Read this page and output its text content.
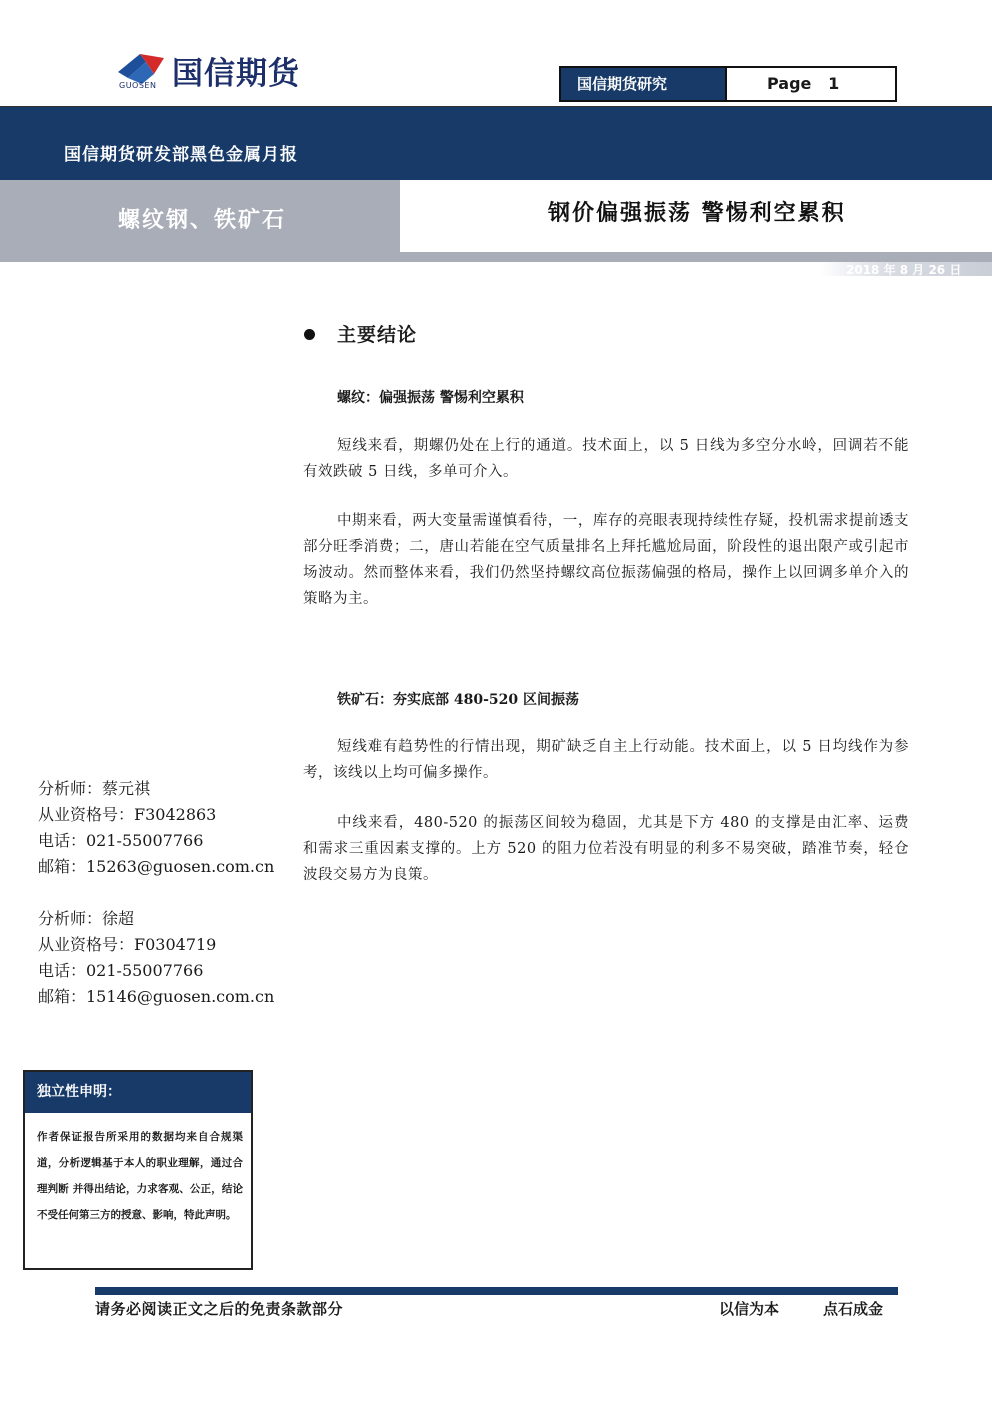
国信期货
GUOSEN	国信期货研究	Page   1
国信期货研发部黑色金属月报
螺纹钢、铁矿石	钢价偏强振荡 警惕利空累积
2018 年 8 月 26 日
主要结论
螺纹：偏强振荡 警惕利空累积
短线来看，期螺仍处在上行的通道。技术面上，以 5 日线为多空分水岭，回调若不能有效跌破 5 日线，多单可介入。
中期来看，两大变量需谨慎看待，一，库存的亮眼表现持续性存疑，投机需求提前透支部分旺季消费；二，唐山若能在空气质量排名上拜托尴尬局面，阶段性的退出限产或引起市场波动。然而整体来看，我们仍然坚持螺纹高位振荡偏强的格局，操作上以回调多单介入的策略为主。
铁矿石：夯实底部 480-520 区间振荡
短线难有趋势性的行情出现，期矿缺乏自主上行动能。技术面上，以 5 日均线作为参考，该线以上均可偏多操作。
中线来看，480-520 的振荡区间较为稳固，尤其是下方 480 的支撑是由汇率、运费和需求三重因素支撑的。上方 520 的阻力位若没有明显的利多不易突破，踏准节奏，轻仓波段交易方为良策。
分析师：蔡元祺
从业资格号：F3042863
电话：021-55007766
邮箱：15263@guosen.com.cn
分析师：徐超
从业资格号：F0304719
电话：021-55007766
邮箱：15146@guosen.com.cn
独立性申明：
作者保证报告所采用的数据均来自合规渠道，分析逻辑基于本人的职业理解，通过合理判断 并得出结论，力求客观、公正，结论不受任何第三方的授意、影响，特此声明。
请务必阅读正文之后的免责条款部分	以信为本	点石成金
